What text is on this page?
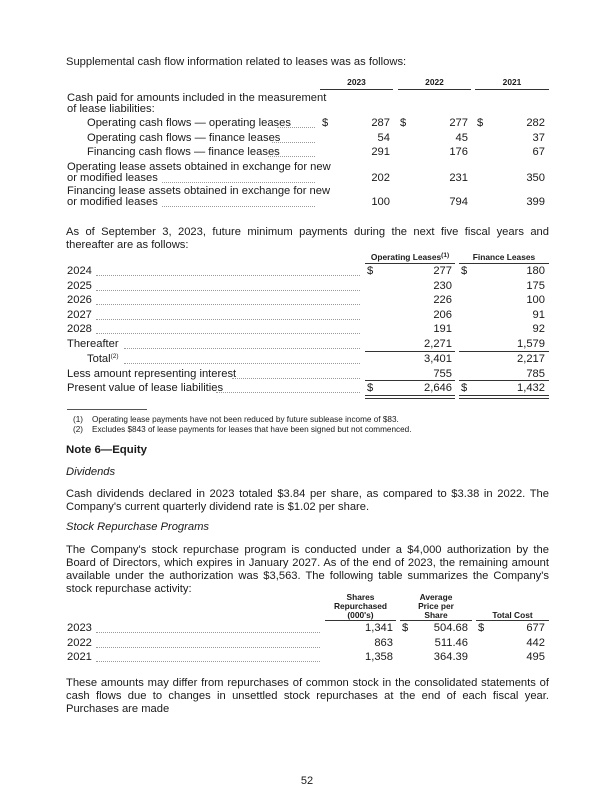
Supplemental cash flow information related to leases was as follows:
2023	2022	2021
Cash paid for amounts included in the measurement
of lease liabilities:
Operating cash flows — operating leases	$	287 $	277 $	282
Operating cash flows — finance leases	54	45	37
Financing cash flows — finance leases	291	176	67
Operating lease assets obtained in exchange for new
or modified leases	202	231	350
Financing lease assets obtained in exchange for new
or modified leases	100	794	399
As of September 3, 2023, future minimum payments during the next five fiscal years and thereafter are as follows:
Operating Leases$^{(1)}$	Finance Leases
2024	$	277 $	180
2025	230	175
2026	226	100
2027	206	91
2028	191	92
Thereafter	2,271	1,579
Total$^{(2)}$	3,401	2,217
Less amount representing interest	755	785
Present value of lease liabilities	$	2,646 $	1,432
(1) Operating lease payments have not been reduced by future sublease income of $83.
(2) Excludes $843 of lease payments for leases that have been signed but not commenced.
Note 6—Equity
Dividends
Cash dividends declared in 2023 totaled $3.84 per share, as compared to $3.38 in 2022. The Company's current quarterly dividend rate is $1.02 per share.
Stock Repurchase Programs
The Company's stock repurchase program is conducted under a $4,000 authorization by the Board of Directors, which expires in January 2027. As of the end of 2023, the remaining amount available under the authorization was $3,563. The following table summarizes the Company's stock repurchase activity:
Shares
Repurchased
(000's)
Average
Price per
Share	Total Cost
2023	1,341 $	504.68 $	677
2022	863	511.46	442
2021	1,358	364.39	495
These amounts may differ from repurchases of common stock in the consolidated statements of cash flows due to changes in unsettled stock repurchases at the end of each fiscal year. Purchases are made
52
